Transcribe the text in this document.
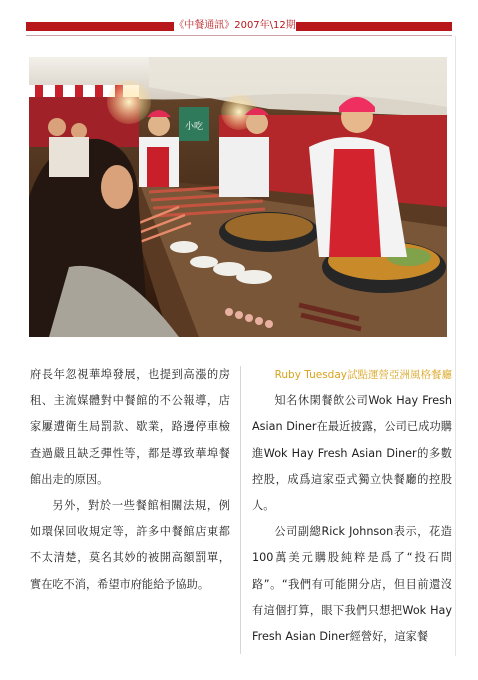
《中餐通訊》2007年\12期
小吃

府長年忽視華埠發展，也提到高漲的房租、主流媒體對中餐館的不公報導，店家屢遭衛生局罰款、歇業，路邊停車檢查過嚴且缺乏彈性等，都是導致華埠餐館出走的原因。

另外，對於一些餐館相關法規，例如環保回收規定等，許多中餐館店東都不太清楚，莫名其妙的被開高額罰單，實在吃不消，希望市府能給予協助。

Ruby Tuesday試點運營亞洲風格餐廳

知名休閑餐飲公司Wok Hay Fresh Asian Diner在最近披露，公司已成功購進Wok Hay Fresh Asian Diner的多數控股，成爲這家亞式獨立快餐廳的控股人。

公司副總Rick Johnson表示，花造100萬美元購股純粹是爲了“投石問路”。“我們有可能開分店，但目前還沒有這個打算，眼下我們只想把Wok Hay Fresh Asian Diner經營好，這家餐
